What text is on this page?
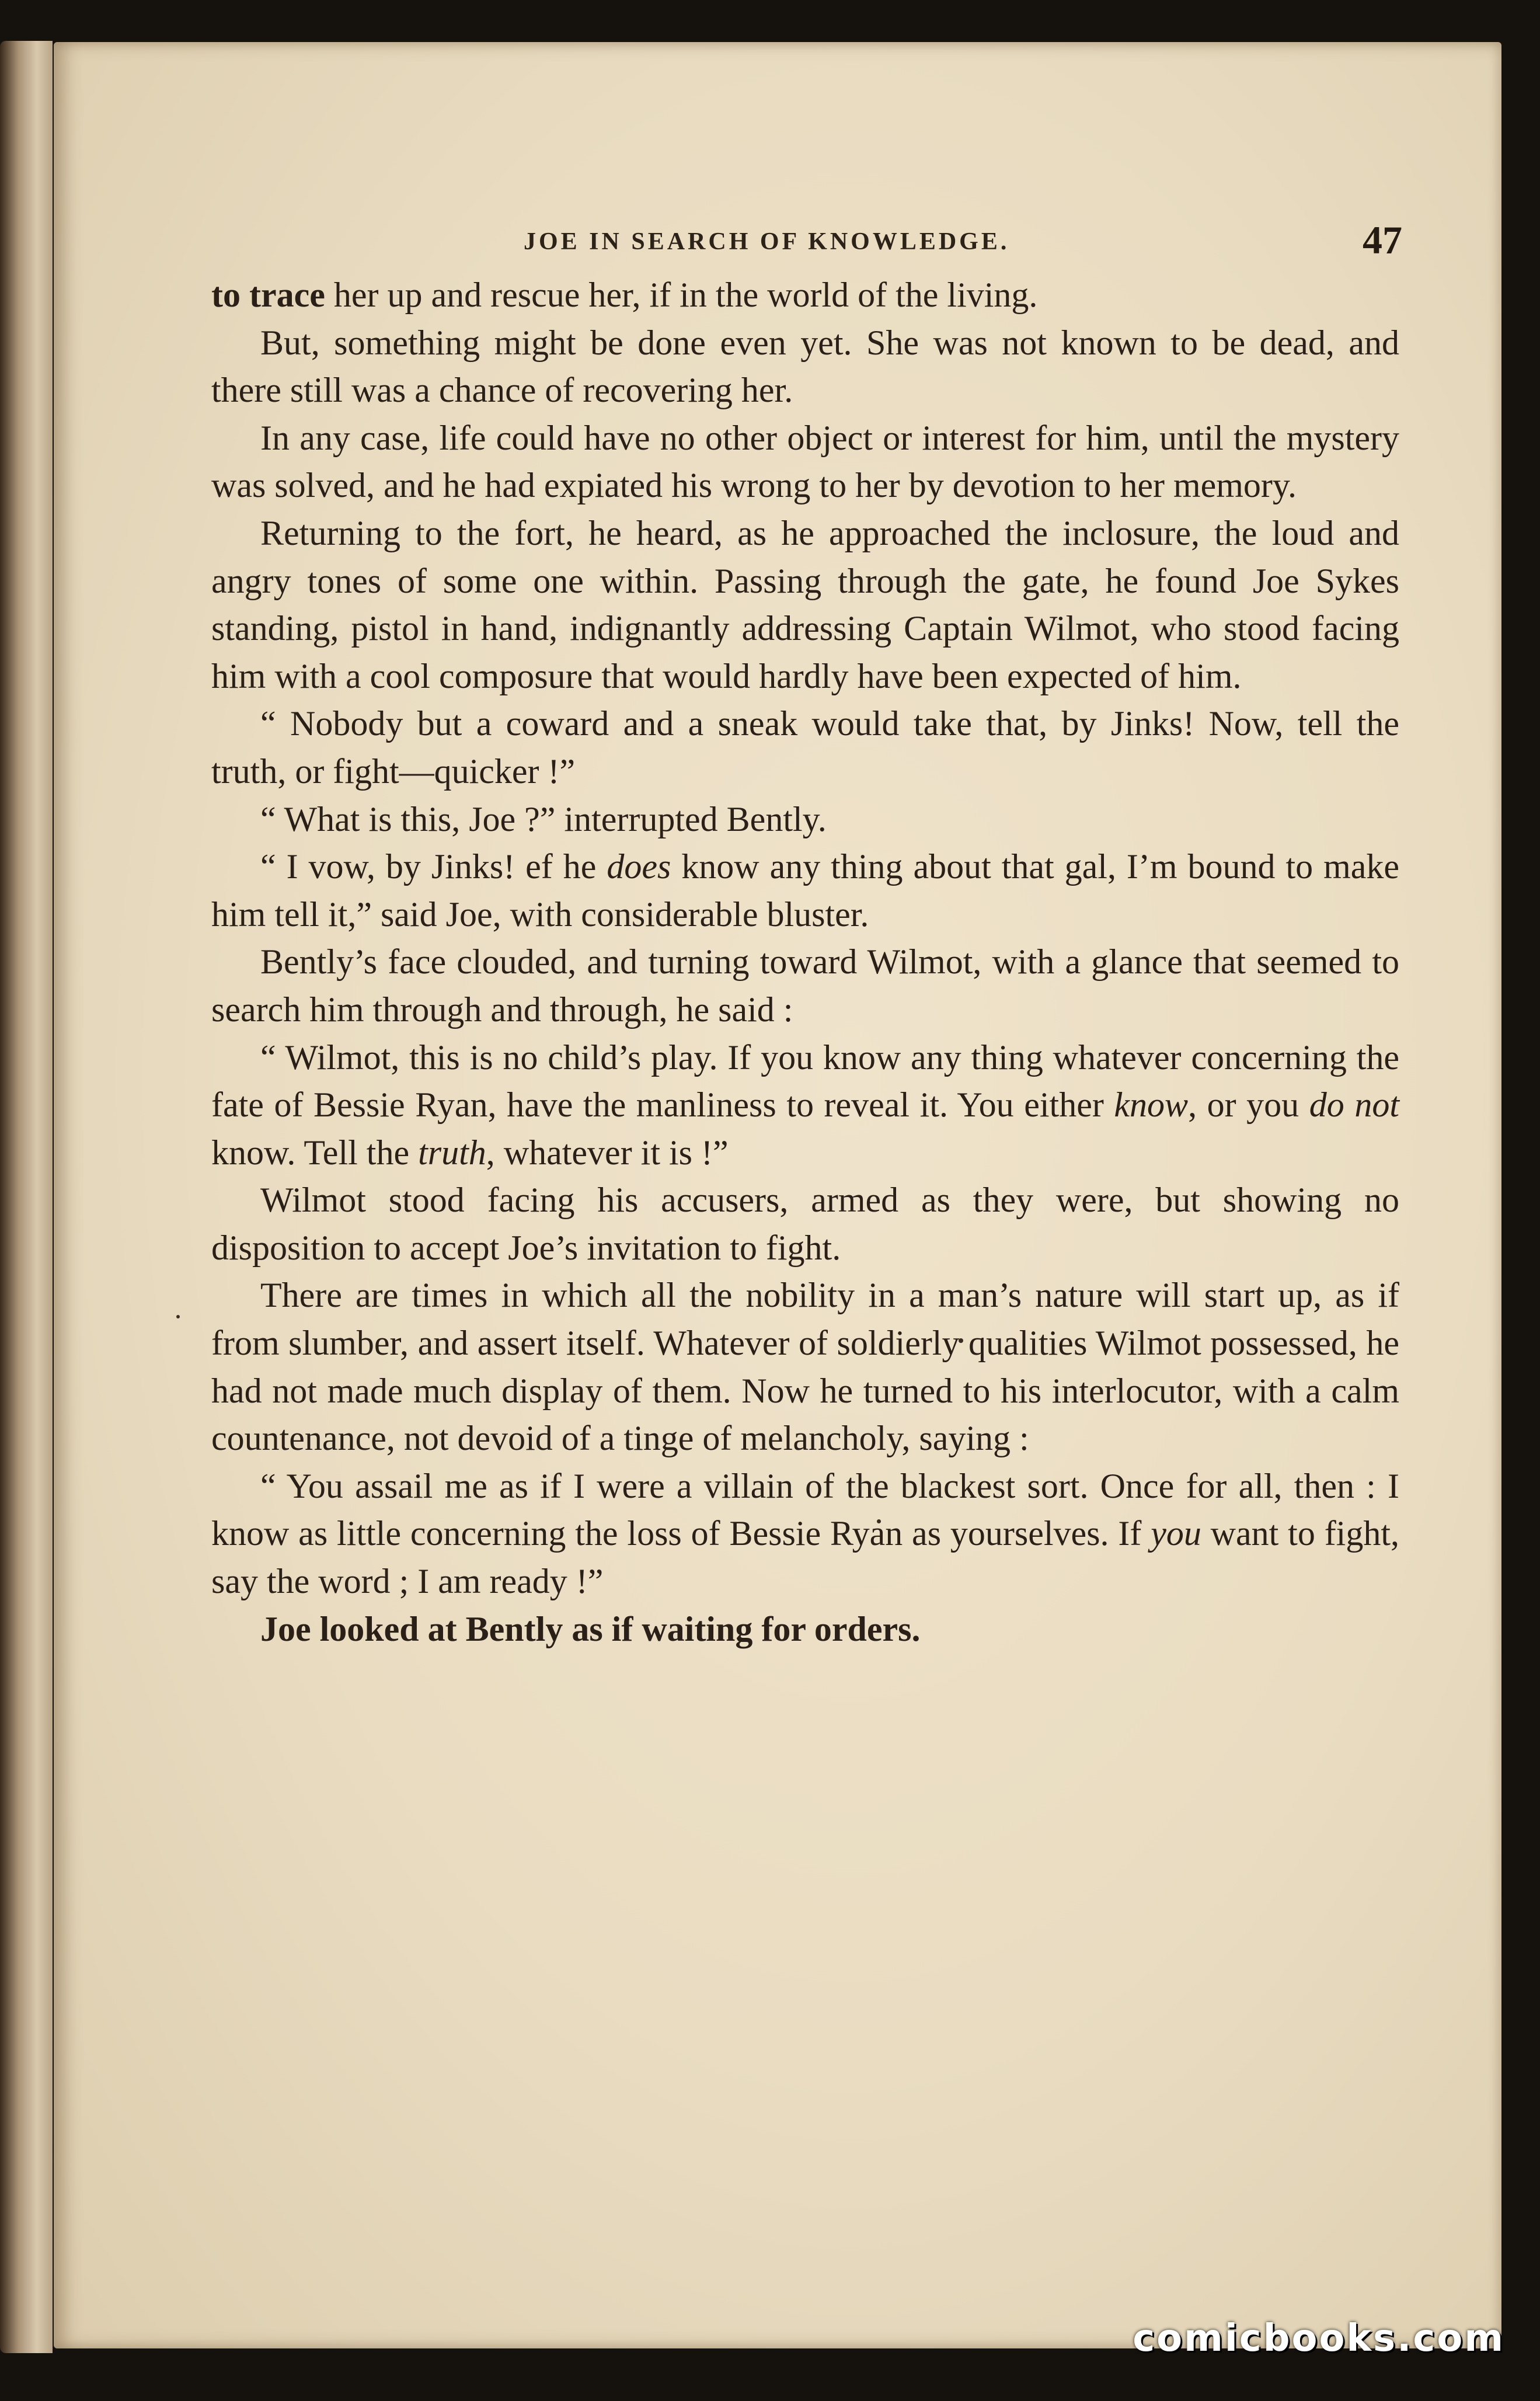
JOE IN SEARCH OF KNOWLEDGE.	47

to trace her up and rescue her, if in the world of the living.

But, something might be done even yet. She was not known to be dead, and there still was a chance of recovering her.

In any case, life could have no other object or interest for him, until the mystery was solved, and he had expiated his wrong to her by devotion to her memory.

Returning to the fort, he heard, as he approached the inclosure, the loud and angry tones of some one within. Passing through the gate, he found Joe Sykes standing, pistol in hand, indignantly addressing Captain Wilmot, who stood facing him with a cool composure that would hardly have been expected of him.

“ Nobody but a coward and a sneak would take that, by Jinks! Now, tell the truth, or fight—quicker !”

“ What is this, Joe ?” interrupted Bently.

“ I vow, by Jinks! ef he does know any thing about that gal, I’m bound to make him tell it,” said Joe, with considerable bluster.

Bently’s face clouded, and turning toward Wilmot, with a glance that seemed to search him through and through, he said :

“ Wilmot, this is no child’s play. If you know any thing whatever concerning the fate of Bessie Ryan, have the manliness to reveal it. You either know, or you do not know. Tell the truth, whatever it is !”

Wilmot stood facing his accusers, armed as they were, but showing no disposition to accept Joe’s invitation to fight.

There are times in which all the nobility in a man’s nature will start up, as if from slumber, and assert itself. Whatever of soldierly qualities Wilmot possessed, he had not made much display of them. Now he turned to his interlocutor, with a calm countenance, not devoid of a tinge of melancholy, saying :

“ You assail me as if I were a villain of the blackest sort. Once for all, then : I know as little concerning the loss of Bessie Ryan as yourselves. If you want to fight, say the word ; I am ready !”

Joe looked at Bently as if waiting for orders.

comicbooks.com
